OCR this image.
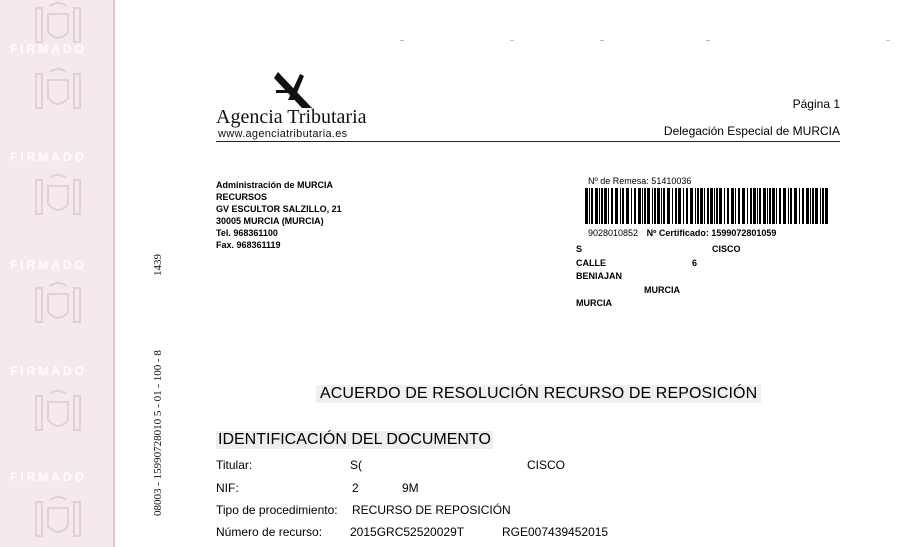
FIRMADO
FIRMADO
FIRMADO
FIRMADO
FIRMADO	08003 - 15990728010 5 - 01 - 100 - 8
1439
Agencia Tributaria
www.agenciatributaria.es
Página 1
Delegación Especial de MURCIA
Administración de MURCIA
RECURSOS
GV ESCULTOR SALZILLO, 21
30005 MURCIA (MURCIA)
Tel. 968361100
Fax. 968361119
Nº de Remesa: 51410036
9028010852 Nº Certificado: 1599072801059
S	CISCO
CALLE	6
BENIAJAN
MURCIA
MURCIA
ACUERDO DE RESOLUCIÓN RECURSO DE REPOSICIÓN
IDENTIFICACIÓN DEL DOCUMENTO
Titular:	S(	CISCO
NIF:	2	9M
Tipo de procedimiento: RECURSO DE REPOSICIÓN
Número de recurso: 2015GRC52520029T	RGE007439452015
